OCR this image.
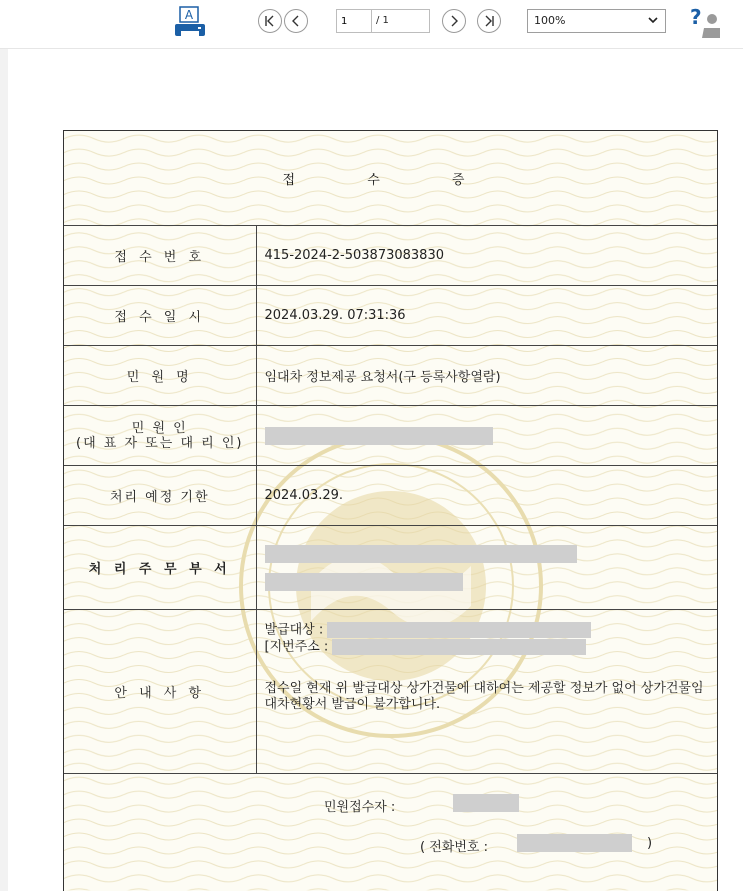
A
1	/ 1	100%	?
접 수 증	
접 수 번 호	415-2024-2-503873083830
접 수 일 시	2024.03.29. 07:31:36
민 원 명	임대차 정보제공 요청서(구 등록사항열람)

민 원 인
(대 표 자 또는 대 리 인)	

처리 예정 기한	2024.03.29.
처 리 주 무 부 서	

안 내 사 항	발급대상 :

[지번주소 :

접수일 현재 위 발급대상 상가건물에 대하여는 제공할 정보가 없어 상가건물임대차현황서 발급이 불가합니다.

민원접수자 :
( 전화번호 : )	
